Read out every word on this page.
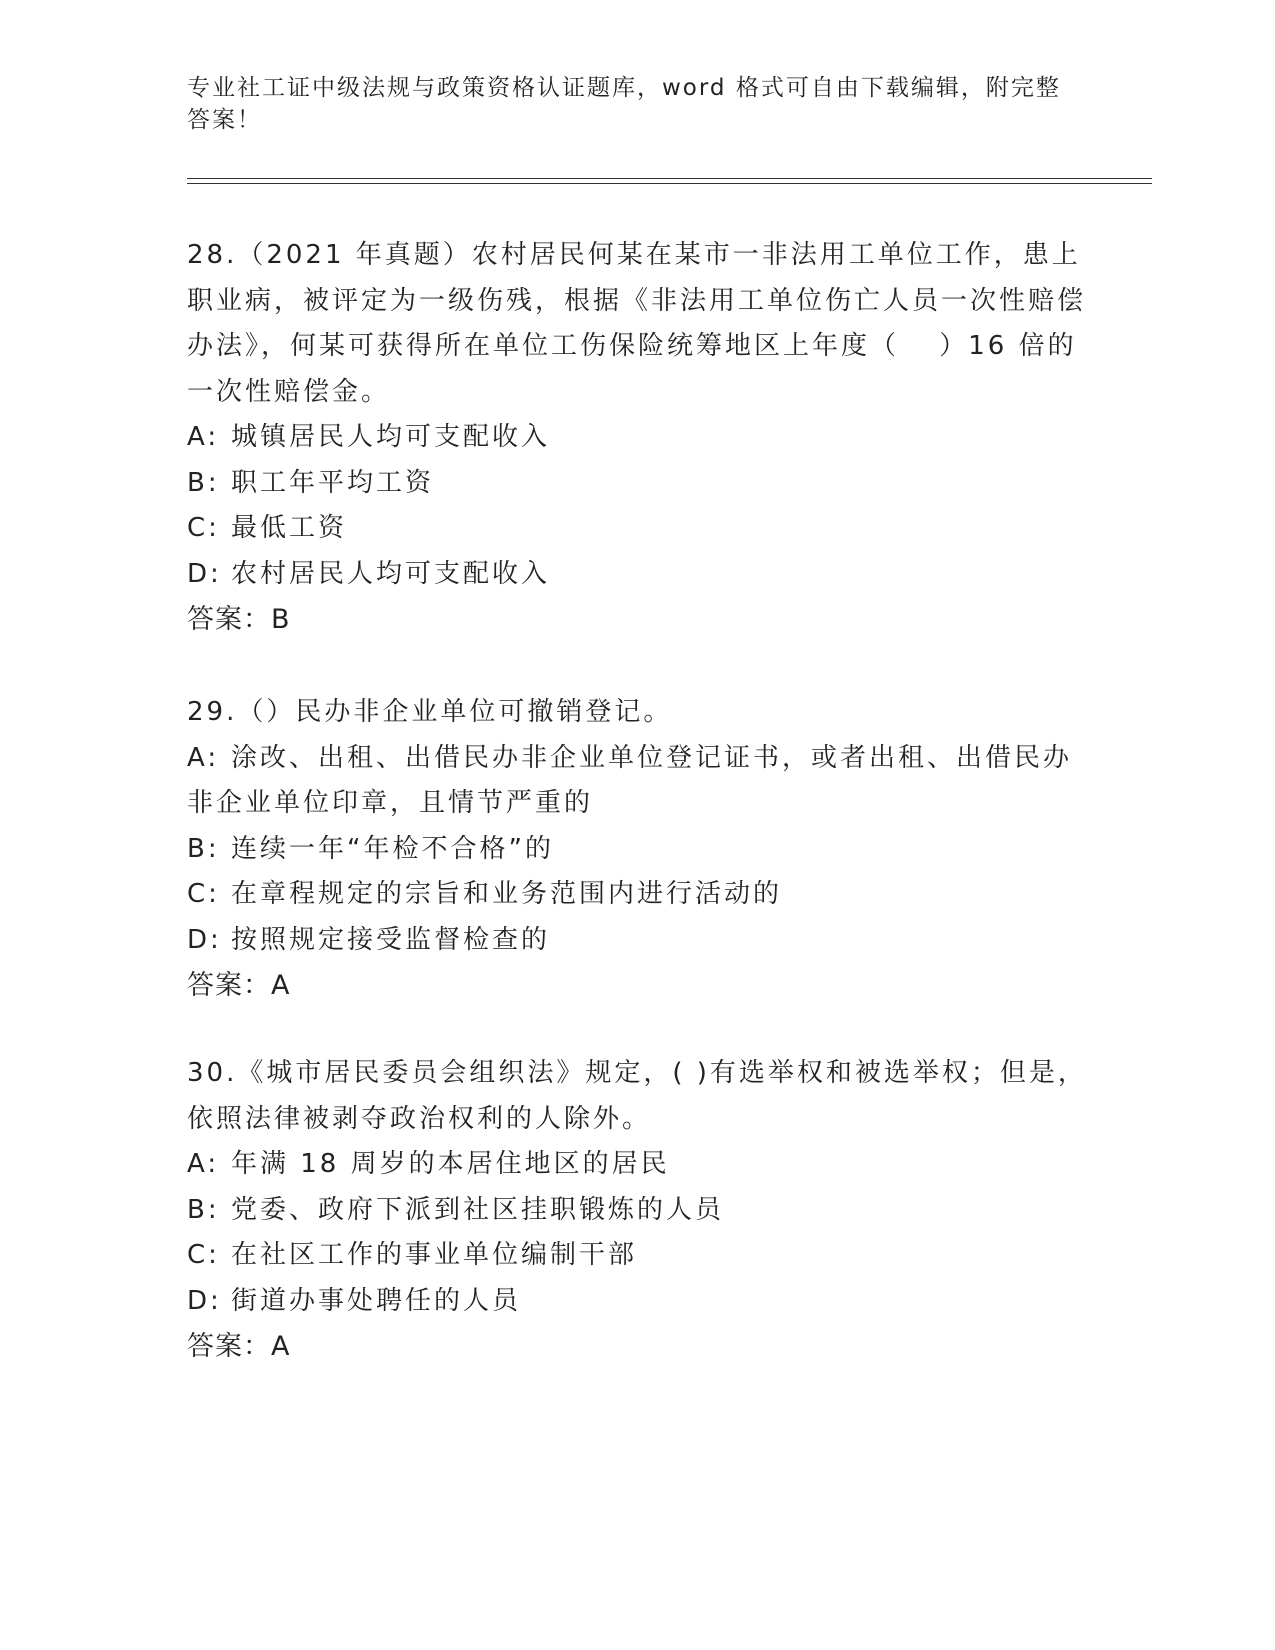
专业社工证中级法规与政策资格认证题库，word 格式可自由下载编辑，附完整答案！

28.（2021 年真题）农村居民何某在某市一非法用工单位工作，患上职业病，被评定为一级伤残，根据《非法用工单位伤亡人员一次性赔偿办法》，何某可获得所在单位工伤保险统筹地区上年度（　 ）16 倍的一次性赔偿金。

A: 城镇居民人均可支配收入

B: 职工年平均工资

C: 最低工资

D: 农村居民人均可支配收入

答案：B

29.（）民办非企业单位可撤销登记。

A: 涂改、出租、出借民办非企业单位登记证书，或者出租、出借民办非企业单位印章，且情节严重的

B: 连续一年“年检不合格”的

C: 在章程规定的宗旨和业务范围内进行活动的

D: 按照规定接受监督检查的

答案：A

30.《城市居民委员会组织法》规定，( )有选举权和被选举权；但是，依照法律被剥夺政治权利的人除外。

A: 年满 18 周岁的本居住地区的居民

B: 党委、政府下派到社区挂职锻炼的人员

C: 在社区工作的事业单位编制干部

D: 街道办事处聘任的人员

答案：A
